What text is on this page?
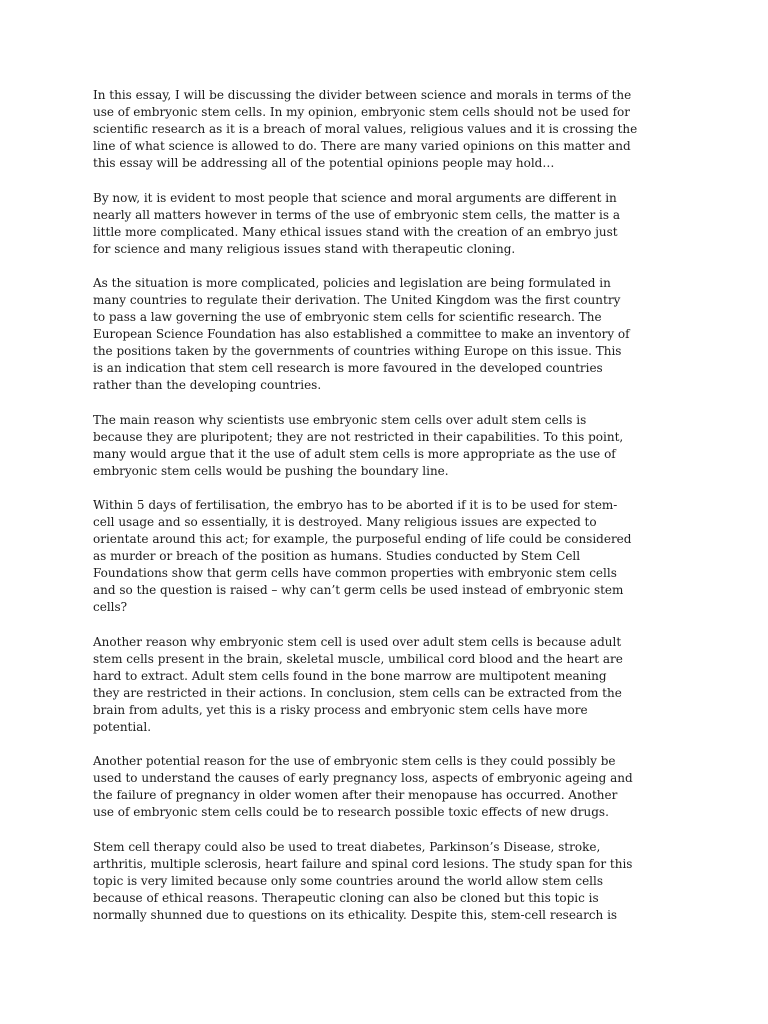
In this essay, I will be discussing the divider between science and morals in terms of the
use of embryonic stem cells. In my opinion, embryonic stem cells should not be used for
scientific research as it is a breach of moral values, religious values and it is crossing the
line of what science is allowed to do. There are many varied opinions on this matter and
this essay will be addressing all of the potential opinions people may hold…

By now, it is evident to most people that science and moral arguments are different in
nearly all matters however in terms of the use of embryonic stem cells, the matter is a
little more complicated. Many ethical issues stand with the creation of an embryo just
for science and many religious issues stand with therapeutic cloning.

As the situation is more complicated, policies and legislation are being formulated in
many countries to regulate their derivation. The United Kingdom was the first country
to pass a law governing the use of embryonic stem cells for scientific research. The
European Science Foundation has also established a committee to make an inventory of
the positions taken by the governments of countries withing Europe on this issue. This
is an indication that stem cell research is more favoured in the developed countries
rather than the developing countries.

The main reason why scientists use embryonic stem cells over adult stem cells is
because they are pluripotent; they are not restricted in their capabilities. To this point,
many would argue that it the use of adult stem cells is more appropriate as the use of
embryonic stem cells would be pushing the boundary line.

Within 5 days of fertilisation, the embryo has to be aborted if it is to be used for stem-
cell usage and so essentially, it is destroyed. Many religious issues are expected to
orientate around this act; for example, the purposeful ending of life could be considered
as murder or breach of the position as humans. Studies conducted by Stem Cell
Foundations show that germ cells have common properties with embryonic stem cells
and so the question is raised – why can’t germ cells be used instead of embryonic stem
cells?

Another reason why embryonic stem cell is used over adult stem cells is because adult
stem cells present in the brain, skeletal muscle, umbilical cord blood and the heart are
hard to extract. Adult stem cells found in the bone marrow are multipotent meaning
they are restricted in their actions. In conclusion, stem cells can be extracted from the
brain from adults, yet this is a risky process and embryonic stem cells have more
potential.

Another potential reason for the use of embryonic stem cells is they could possibly be
used to understand the causes of early pregnancy loss, aspects of embryonic ageing and
the failure of pregnancy in older women after their menopause has occurred. Another
use of embryonic stem cells could be to research possible toxic effects of new drugs.

Stem cell therapy could also be used to treat diabetes, Parkinson’s Disease, stroke,
arthritis, multiple sclerosis, heart failure and spinal cord lesions. The study span for this
topic is very limited because only some countries around the world allow stem cells
because of ethical reasons. Therapeutic cloning can also be cloned but this topic is
normally shunned due to questions on its ethicality. Despite this, stem-cell research is
